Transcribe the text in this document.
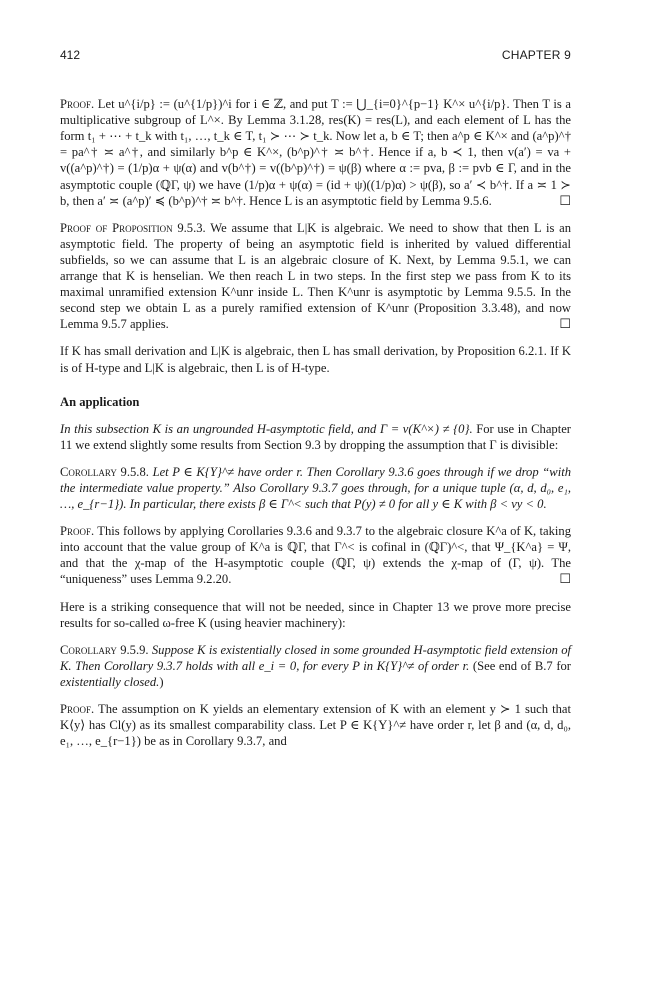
412	CHAPTER 9

Proof. Let u^{i/p} := (u^{1/p})^i for i ∈ ℤ, and put T := ⋃_{i=0}^{p−1} K^× u^{i/p}. Then T is a multiplicative subgroup of L^×. By Lemma 3.1.28, res(K) = res(L), and each element of L has the form t₁ + ⋯ + t_k with t₁, …, t_k ∈ T, t₁ ≻ ⋯ ≻ t_k. Now let a, b ∈ T; then a^p ∈ K^× and (a^p)^† = pa^† ≍ a^†, and similarly b^p ∈ K^×, (b^p)^† ≍ b^†. Hence if a, b ≺ 1, then v(a′) = va + v((a^p)^†) = (1/p)α + ψ(α) and v(b^†) = v((b^p)^†) = ψ(β) where α := pva, β := pvb ∈ Γ, and in the asymptotic couple (ℚΓ, ψ) we have (1/p)α + ψ(α) = (id + ψ)((1/p)α) > ψ(β), so a′ ≺ b^†. If a ≍ 1 ≻ b, then a′ ≍ (a^p)′ ≼ (b^p)^† ≍ b^†. Hence L is an asymptotic field by Lemma 9.5.6.	☐

Proof of Proposition 9.5.3. We assume that L|K is algebraic. We need to show that then L is an asymptotic field. The property of being an asymptotic field is inherited by valued differential subfields, so we can assume that L is an algebraic closure of K. Next, by Lemma 9.5.1, we can arrange that K is henselian. We then reach L in two steps. In the first step we pass from K to its maximal unramified extension K^unr inside L. Then K^unr is asymptotic by Lemma 9.5.5. In the second step we obtain L as a purely ramified extension of K^unr (Proposition 3.3.48), and now Lemma 9.5.7 applies.	☐

If K has small derivation and L|K is algebraic, then L has small derivation, by Proposition 6.2.1. If K is of H-type and L|K is algebraic, then L is of H-type.

An application

In this subsection K is an ungrounded H-asymptotic field, and Γ = v(K^×) ≠ {0}. For use in Chapter 11 we extend slightly some results from Section 9.3 by dropping the assumption that Γ is divisible:

Corollary 9.5.8. Let P ∈ K{Y}^≠ have order r. Then Corollary 9.3.6 goes through if we drop “with the intermediate value property.” Also Corollary 9.3.7 goes through, for a unique tuple (α, d, d₀, e₁, …, e_{r−1}). In particular, there exists β ∈ Γ^< such that P(y) ≠ 0 for all y ∈ K with β < vy < 0.

Proof. This follows by applying Corollaries 9.3.6 and 9.3.7 to the algebraic closure K^a of K, taking into account that the value group of K^a is ℚΓ, that Γ^< is cofinal in (ℚΓ)^<, that Ψ_{K^a} = Ψ, and that the χ-map of the H-asymptotic couple (ℚΓ, ψ) extends the χ-map of (Γ, ψ). The “uniqueness” uses Lemma 9.2.20.	☐

Here is a striking consequence that will not be needed, since in Chapter 13 we prove more precise results for so-called ω-free K (using heavier machinery):

Corollary 9.5.9. Suppose K is existentially closed in some grounded H-asymptotic field extension of K. Then Corollary 9.3.7 holds with all e_i = 0, for every P in K{Y}^≠ of order r. (See end of B.7 for existentially closed.)

Proof. The assumption on K yields an elementary extension of K with an element y ≻ 1 such that K⟨y⟩ has Cl(y) as its smallest comparability class. Let P ∈ K{Y}^≠ have order r, let β and (α, d, d₀, e₁, …, e_{r−1}) be as in Corollary 9.3.7, and
